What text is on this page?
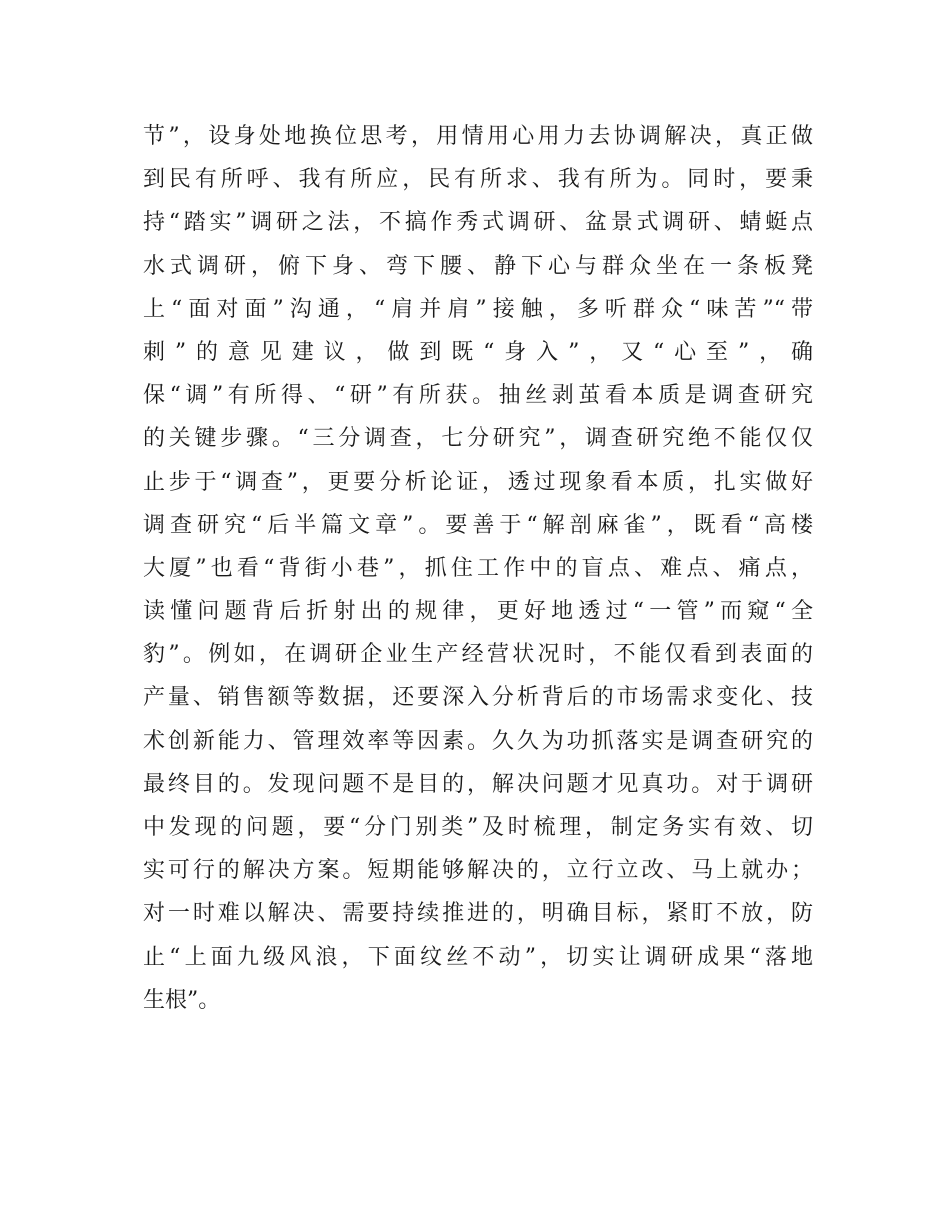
节”，设身处地换位思考，用情用心用力去协调解决，真正做
到民有所呼、我有所应，民有所求、我有所为。同时，要秉
持“踏实”调研之法，不搞作秀式调研、盆景式调研、蜻蜓点
水式调研，俯下身、弯下腰、静下心与群众坐在一条板凳
上“面对面”沟通，“肩并肩”接触，多听群众“味苦”“带
刺”的意见建议，做到既“身入”，又“心至”，确
保“调”有所得、“研”有所获。抽丝剥茧看本质是调查研究
的关键步骤。“三分调查，七分研究”，调查研究绝不能仅仅
止步于“调查”，更要分析论证，透过现象看本质，扎实做好
调查研究“后半篇文章”。要善于“解剖麻雀”，既看“高楼
大厦”也看“背街小巷”，抓住工作中的盲点、难点、痛点，
读懂问题背后折射出的规律，更好地透过“一管”而窥“全
豹”。例如，在调研企业生产经营状况时，不能仅看到表面的
产量、销售额等数据，还要深入分析背后的市场需求变化、技
术创新能力、管理效率等因素。久久为功抓落实是调查研究的
最终目的。发现问题不是目的，解决问题才见真功。对于调研
中发现的问题，要“分门别类”及时梳理，制定务实有效、切
实可行的解决方案。短期能够解决的，立行立改、马上就办；
对一时难以解决、需要持续推进的，明确目标，紧盯不放，防
止“上面九级风浪，下面纹丝不动”，切实让调研成果“落地
生根”。
